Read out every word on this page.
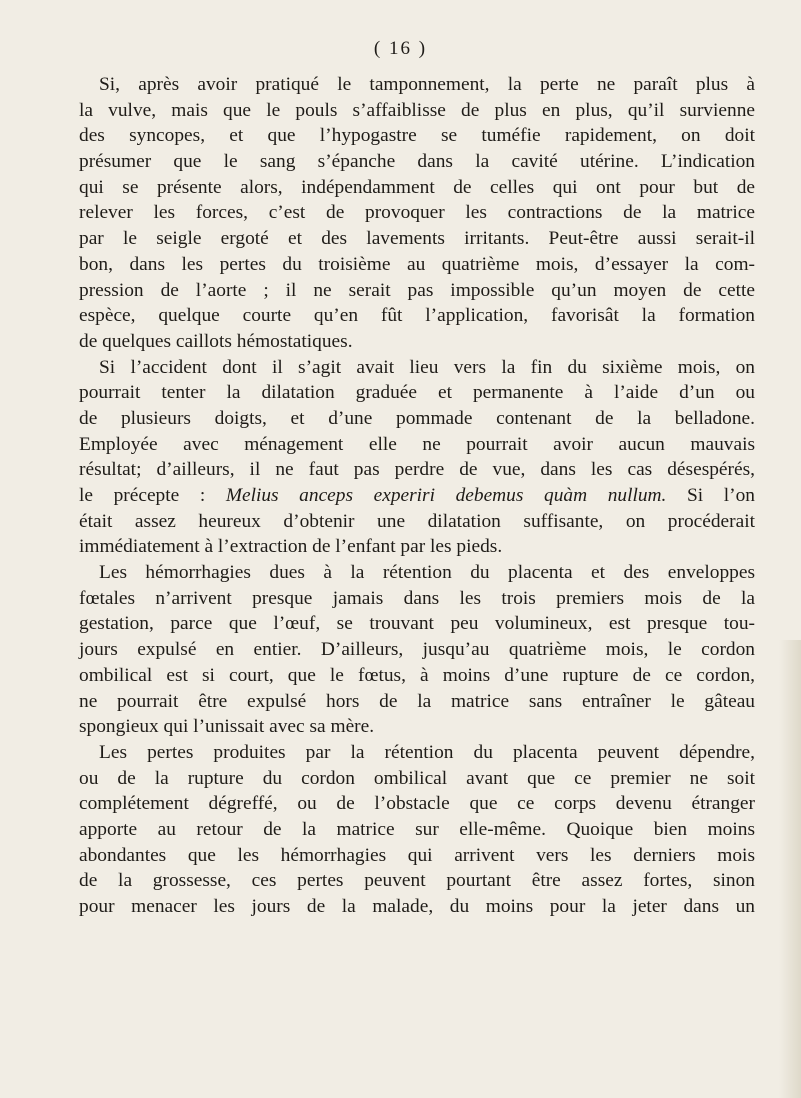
( 16 )
Si, après avoir pratiqué le tamponnement, la perte ne paraît plus à
la vulve, mais que le pouls s’affaiblisse de plus en plus, qu’il survienne
des syncopes, et que l’hypogastre se tuméfie rapidement, on doit
présumer que le sang s’épanche dans la cavité utérine. L’indication
qui se présente alors, indépendamment de celles qui ont pour but de
relever les forces, c’est de provoquer les contractions de la matrice
par le seigle ergoté et des lavements irritants. Peut-être aussi serait-il
bon, dans les pertes du troisième au quatrième mois, d’essayer la com-
pression de l’aorte ; il ne serait pas impossible qu’un moyen de cette
espèce, quelque courte qu’en fût l’application, favorisât la formation
de quelques caillots hémostatiques.
Si l’accident dont il s’agit avait lieu vers la fin du sixième mois, on
pourrait tenter la dilatation graduée et permanente à l’aide d’un ou
de plusieurs doigts, et d’une pommade contenant de la belladone.
Employée avec ménagement elle ne pourrait avoir aucun mauvais
résultat; d’ailleurs, il ne faut pas perdre de vue, dans les cas désespérés,
le précepte : Melius anceps experiri debemus quàm nullum. Si l’on
était assez heureux d’obtenir une dilatation suffisante, on procéderait
immédiatement à l’extraction de l’enfant par les pieds.
Les hémorrhagies dues à la rétention du placenta et des enveloppes
fœtales n’arrivent presque jamais dans les trois premiers mois de la
gestation, parce que l’œuf, se trouvant peu volumineux, est presque tou-
jours expulsé en entier. D’ailleurs, jusqu’au quatrième mois, le cordon
ombilical est si court, que le fœtus, à moins d’une rupture de ce cordon,
ne pourrait être expulsé hors de la matrice sans entraîner le gâteau
spongieux qui l’unissait avec sa mère.
Les pertes produites par la rétention du placenta peuvent dépendre,
ou de la rupture du cordon ombilical avant que ce premier ne soit
complétement dégreffé, ou de l’obstacle que ce corps devenu étranger
apporte au retour de la matrice sur elle-même. Quoique bien moins
abondantes que les hémorrhagies qui arrivent vers les derniers mois
de la grossesse, ces pertes peuvent pourtant être assez fortes, sinon
pour menacer les jours de la malade, du moins pour la jeter dans un
